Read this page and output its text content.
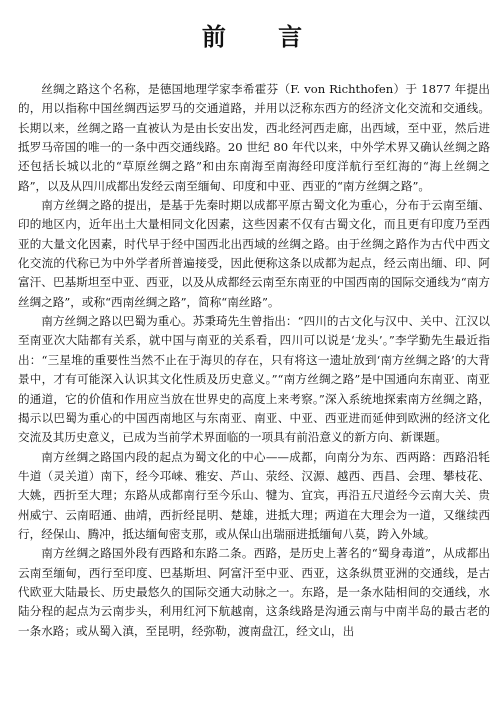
前 言

丝绸之路这个名称，是德国地理学家李希霍芬（F. von Richthofen）于 1877 年提出的，用以指称中国丝绸西运罗马的交通道路，并用以泛称东西方的经济文化交流和交通线。长期以来，丝绸之路一直被认为是由长安出发，西北经河西走廊，出西域，至中亚，然后进抵罗马帝国的唯一的一条中西交通线路。20 世纪 80 年代以来，中外学术界又确认丝绸之路还包括长城以北的“草原丝绸之路”和由东南海至南海经印度洋航行至红海的“海上丝绸之路”，以及从四川成都出发经云南至缅甸、印度和中亚、西亚的“南方丝绸之路”。

南方丝绸之路的提出，是基于先秦时期以成都平原古蜀文化为重心，分布于云南至缅、印的地区内，近年出土大量相同文化因素，这些因素不仅有古蜀文化，而且更有印度乃至西亚的大量文化因素，时代早于经中国西北出西域的丝绸之路。由于丝绸之路作为古代中西文化交流的代称已为中外学者所普遍接受，因此便称这条以成都为起点，经云南出缅、印、阿富汗、巴基斯坦至中亚、西亚，以及从成都经云南至东南亚的中国西南的国际交通线为“南方丝绸之路”，或称“西南丝绸之路”，简称“南丝路”。

南方丝绸之路以巴蜀为重心。苏秉琦先生曾指出：“四川的古文化与汉中、关中、江汉以至南亚次大陆都有关系，就中国与南亚的关系看，四川可以说是‘龙头’。”李学勤先生最近指出：“三星堆的重要性当然不止在于海贝的存在，只有将这一遗址放到‘南方丝绸之路’的大背景中，才有可能深入认识其文化性质及历史意义。”“南方丝绸之路”是中国通向东南亚、南亚的通道，它的价值和作用应当放在世界史的高度上来考察。”深入系统地探索南方丝绸之路，揭示以巴蜀为重心的中国西南地区与东南亚、南亚、中亚、西亚进而延伸到欧洲的经济文化交流及其历史意义，已成为当前学术界面临的一项具有前沿意义的新方向、新课题。

南方丝绸之路国内段的起点为蜀文化的中心——成都，向南分为东、西两路：西路沿牦牛道（灵关道）南下，经今邛崃、雅安、芦山、荥经、汉源、越西、西昌、会理、攀枝花、大姚，西折至大理；东路从成都南行至今乐山、犍为、宜宾，再沿五尺道经今云南大关、贵州威宁、云南昭通、曲靖，西折经昆明、楚雄，进抵大理；两道在大理会为一道，又继续西行，经保山、腾冲，抵达缅甸密支那，或从保山出瑞丽进抵缅甸八莫，跨入外域。

南方丝绸之路国外段有西路和东路二条。西路，是历史上著名的“蜀身毒道”，从成都出云南至缅甸，西行至印度、巴基斯坦、阿富汗至中亚、西亚，这条纵贯亚洲的交通线，是古代欧亚大陆最长、历史最悠久的国际交通大动脉之一。东路，是一条水陆相间的交通线，水陆分程的起点为云南步头，利用红河下航越南，这条线路是沟通云南与中南半岛的最古老的一条水路；或从蜀入滇，至昆明，经弥勒，渡南盘江，经文山，出
